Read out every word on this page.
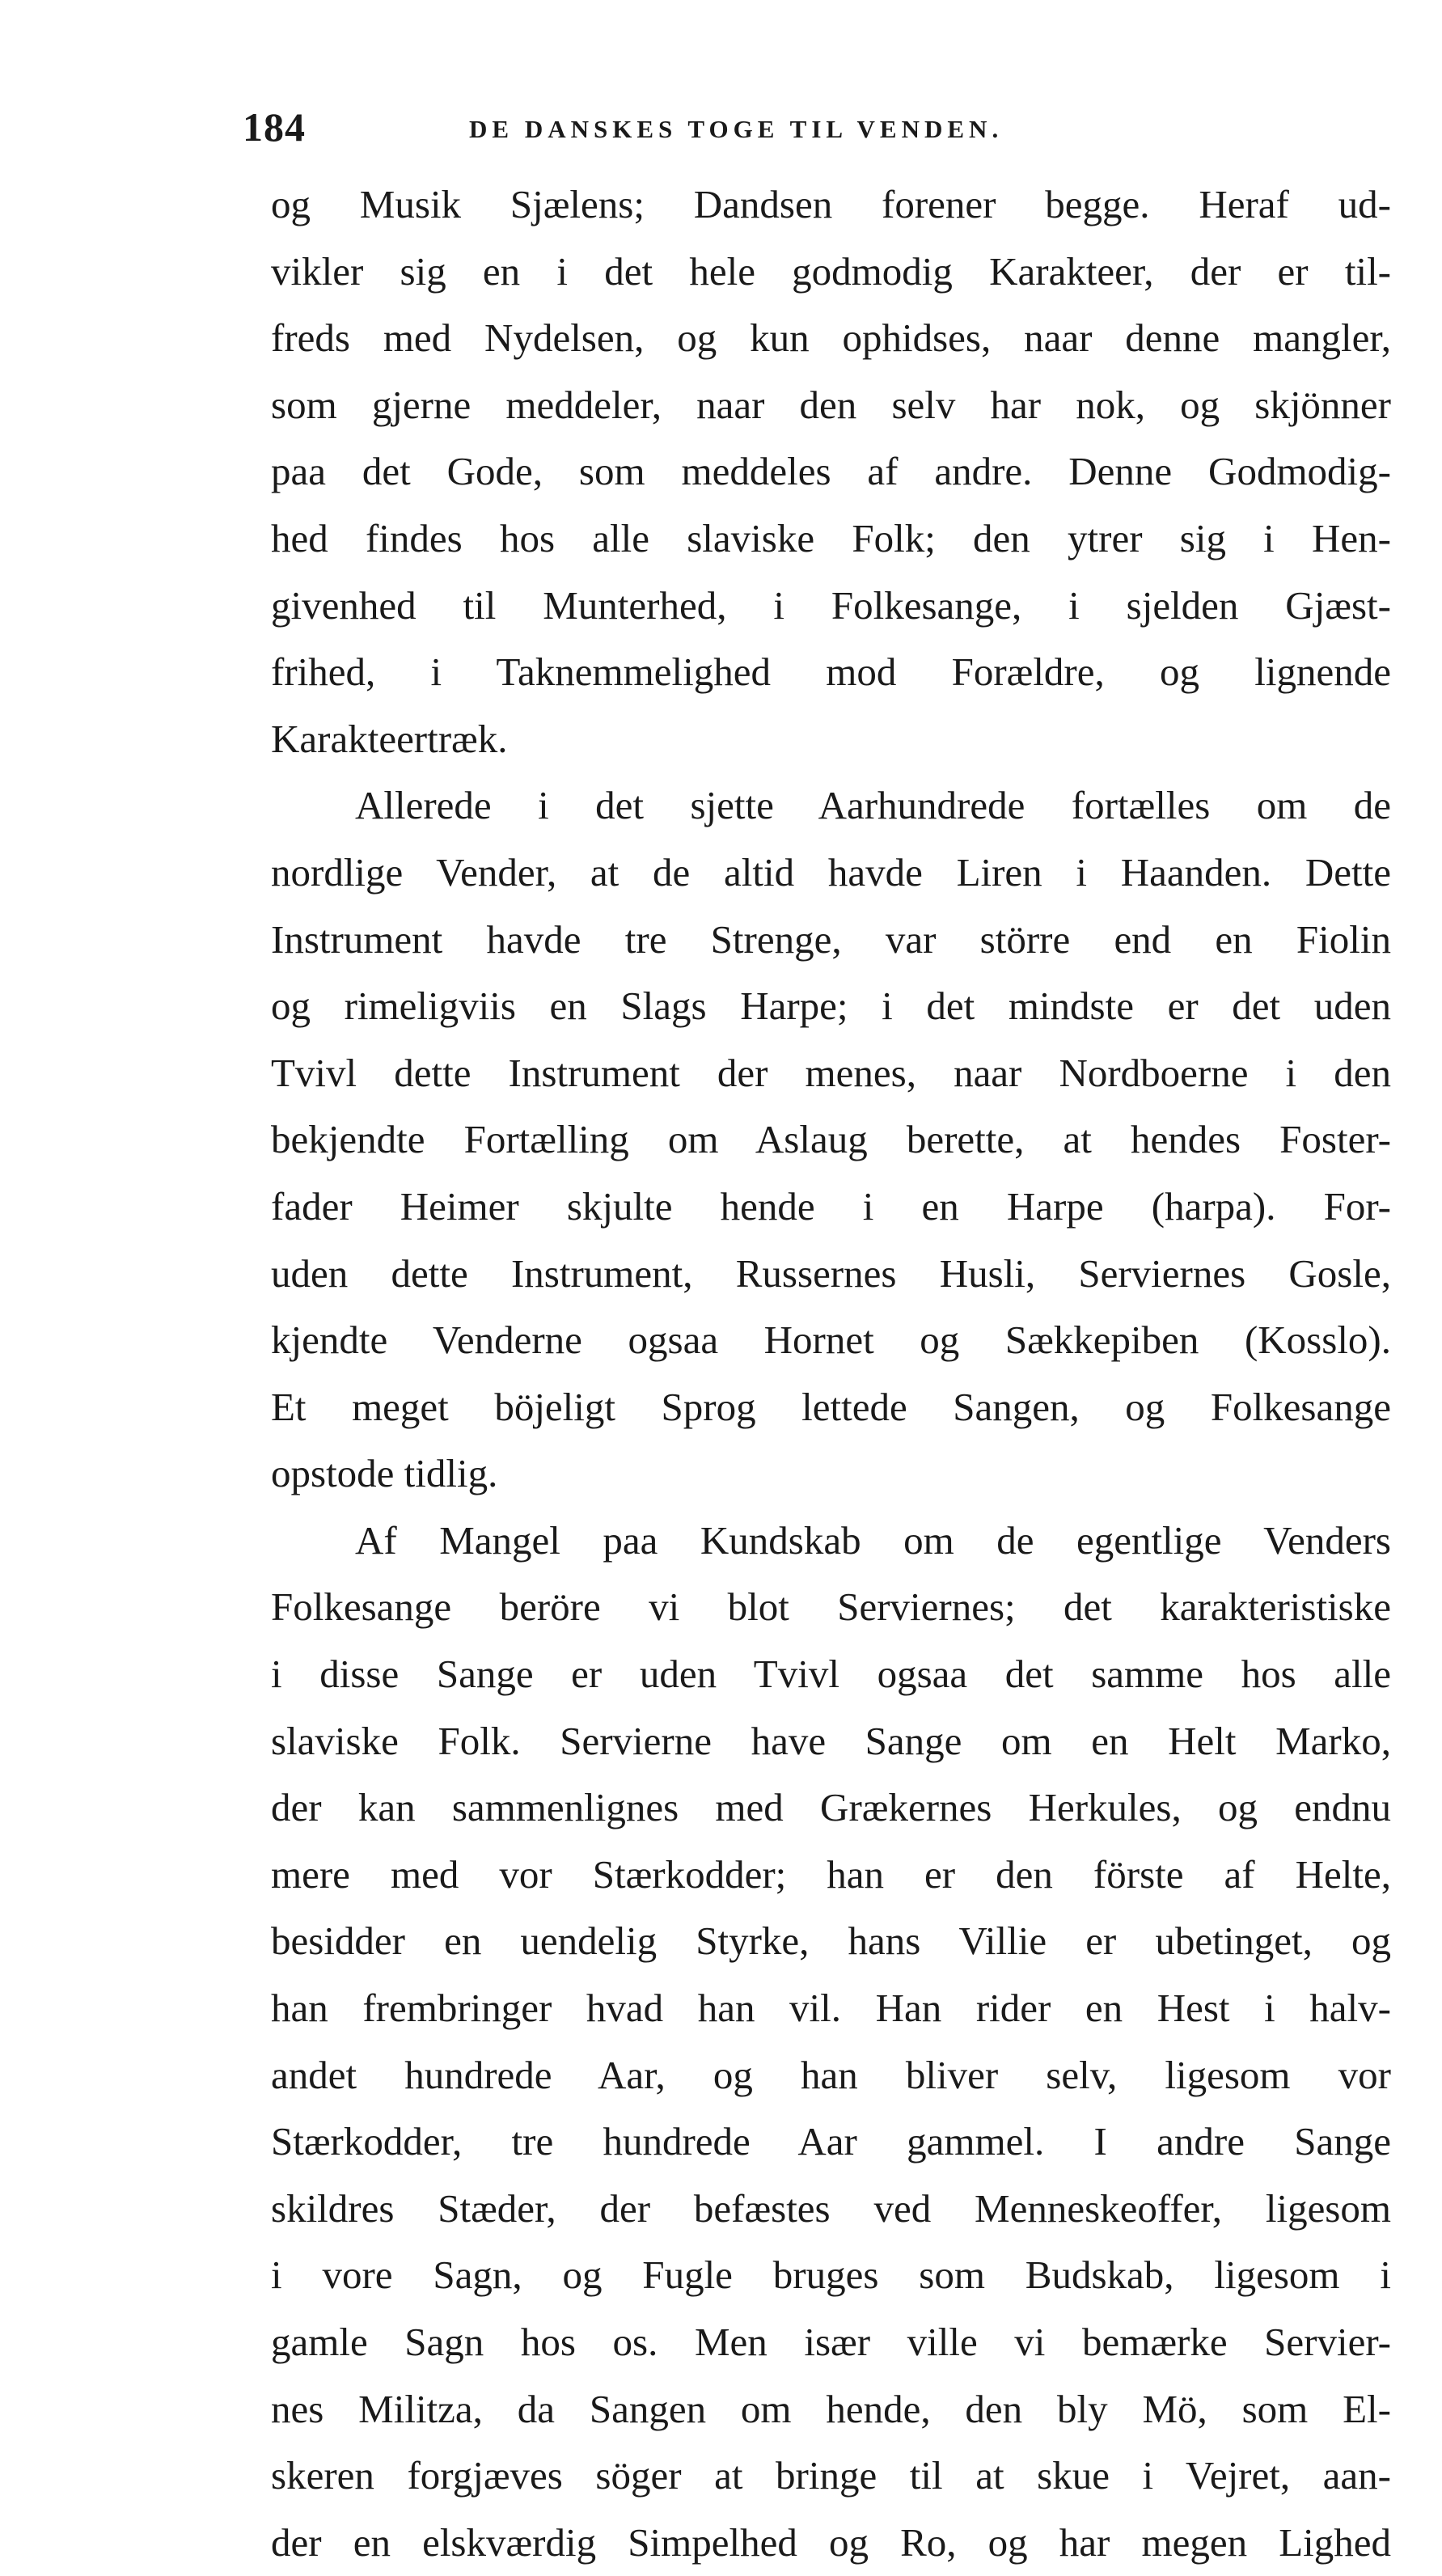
184	DE DANSKES TOGE TIL VENDEN.
og Musik Sjælens; Dandsen forener begge. Heraf ud-
vikler sig en i det hele godmodig Karakteer, der er til-
freds med Nydelsen, og kun ophidses, naar denne mangler,
som gjerne meddeler, naar den selv har nok, og skjönner
paa det Gode, som meddeles af andre. Denne Godmodig-
hed findes hos alle slaviske Folk; den ytrer sig i Hen-
givenhed til Munterhed, i Folkesange, i sjelden Gjæst-
frihed, i Taknemmelighed mod Forældre, og lignende
Karakteertræk.
Allerede i det sjette Aarhundrede fortælles om de
nordlige Vender, at de altid havde Liren i Haanden. Dette
Instrument havde tre Strenge, var större end en Fiolin
og rimeligviis en Slags Harpe; i det mindste er det uden
Tvivl dette Instrument der menes, naar Nordboerne i den
bekjendte Fortælling om Aslaug berette, at hendes Foster-
fader Heimer skjulte hende i en Harpe (harpa). For-
uden dette Instrument, Russernes Husli, Serviernes Gosle,
kjendte Venderne ogsaa Hornet og Sækkepiben (Kosslo).
Et meget böjeligt Sprog lettede Sangen, og Folkesange
opstode tidlig.
Af Mangel paa Kundskab om de egentlige Venders
Folkesange beröre vi blot Serviernes; det karakteristiske
i disse Sange er uden Tvivl ogsaa det samme hos alle
slaviske Folk. Servierne have Sange om en Helt Marko,
der kan sammenlignes med Grækernes Herkules, og endnu
mere med vor Stærkodder; han er den förste af Helte,
besidder en uendelig Styrke, hans Villie er ubetinget, og
han frembringer hvad han vil. Han rider en Hest i halv-
andet hundrede Aar, og han bliver selv, ligesom vor
Stærkodder, tre hundrede Aar gammel. I andre Sange
skildres Stæder, der befæstes ved Menneskeoffer, ligesom
i vore Sagn, og Fugle bruges som Budskab, ligesom i
gamle Sagn hos os. Men især ville vi bemærke Servier-
nes Militza, da Sangen om hende, den bly Mö, som El-
skeren forgjæves söger at bringe til at skue i Vejret, aan-
der en elskværdig Simpelhed og Ro, og har megen Lighed
